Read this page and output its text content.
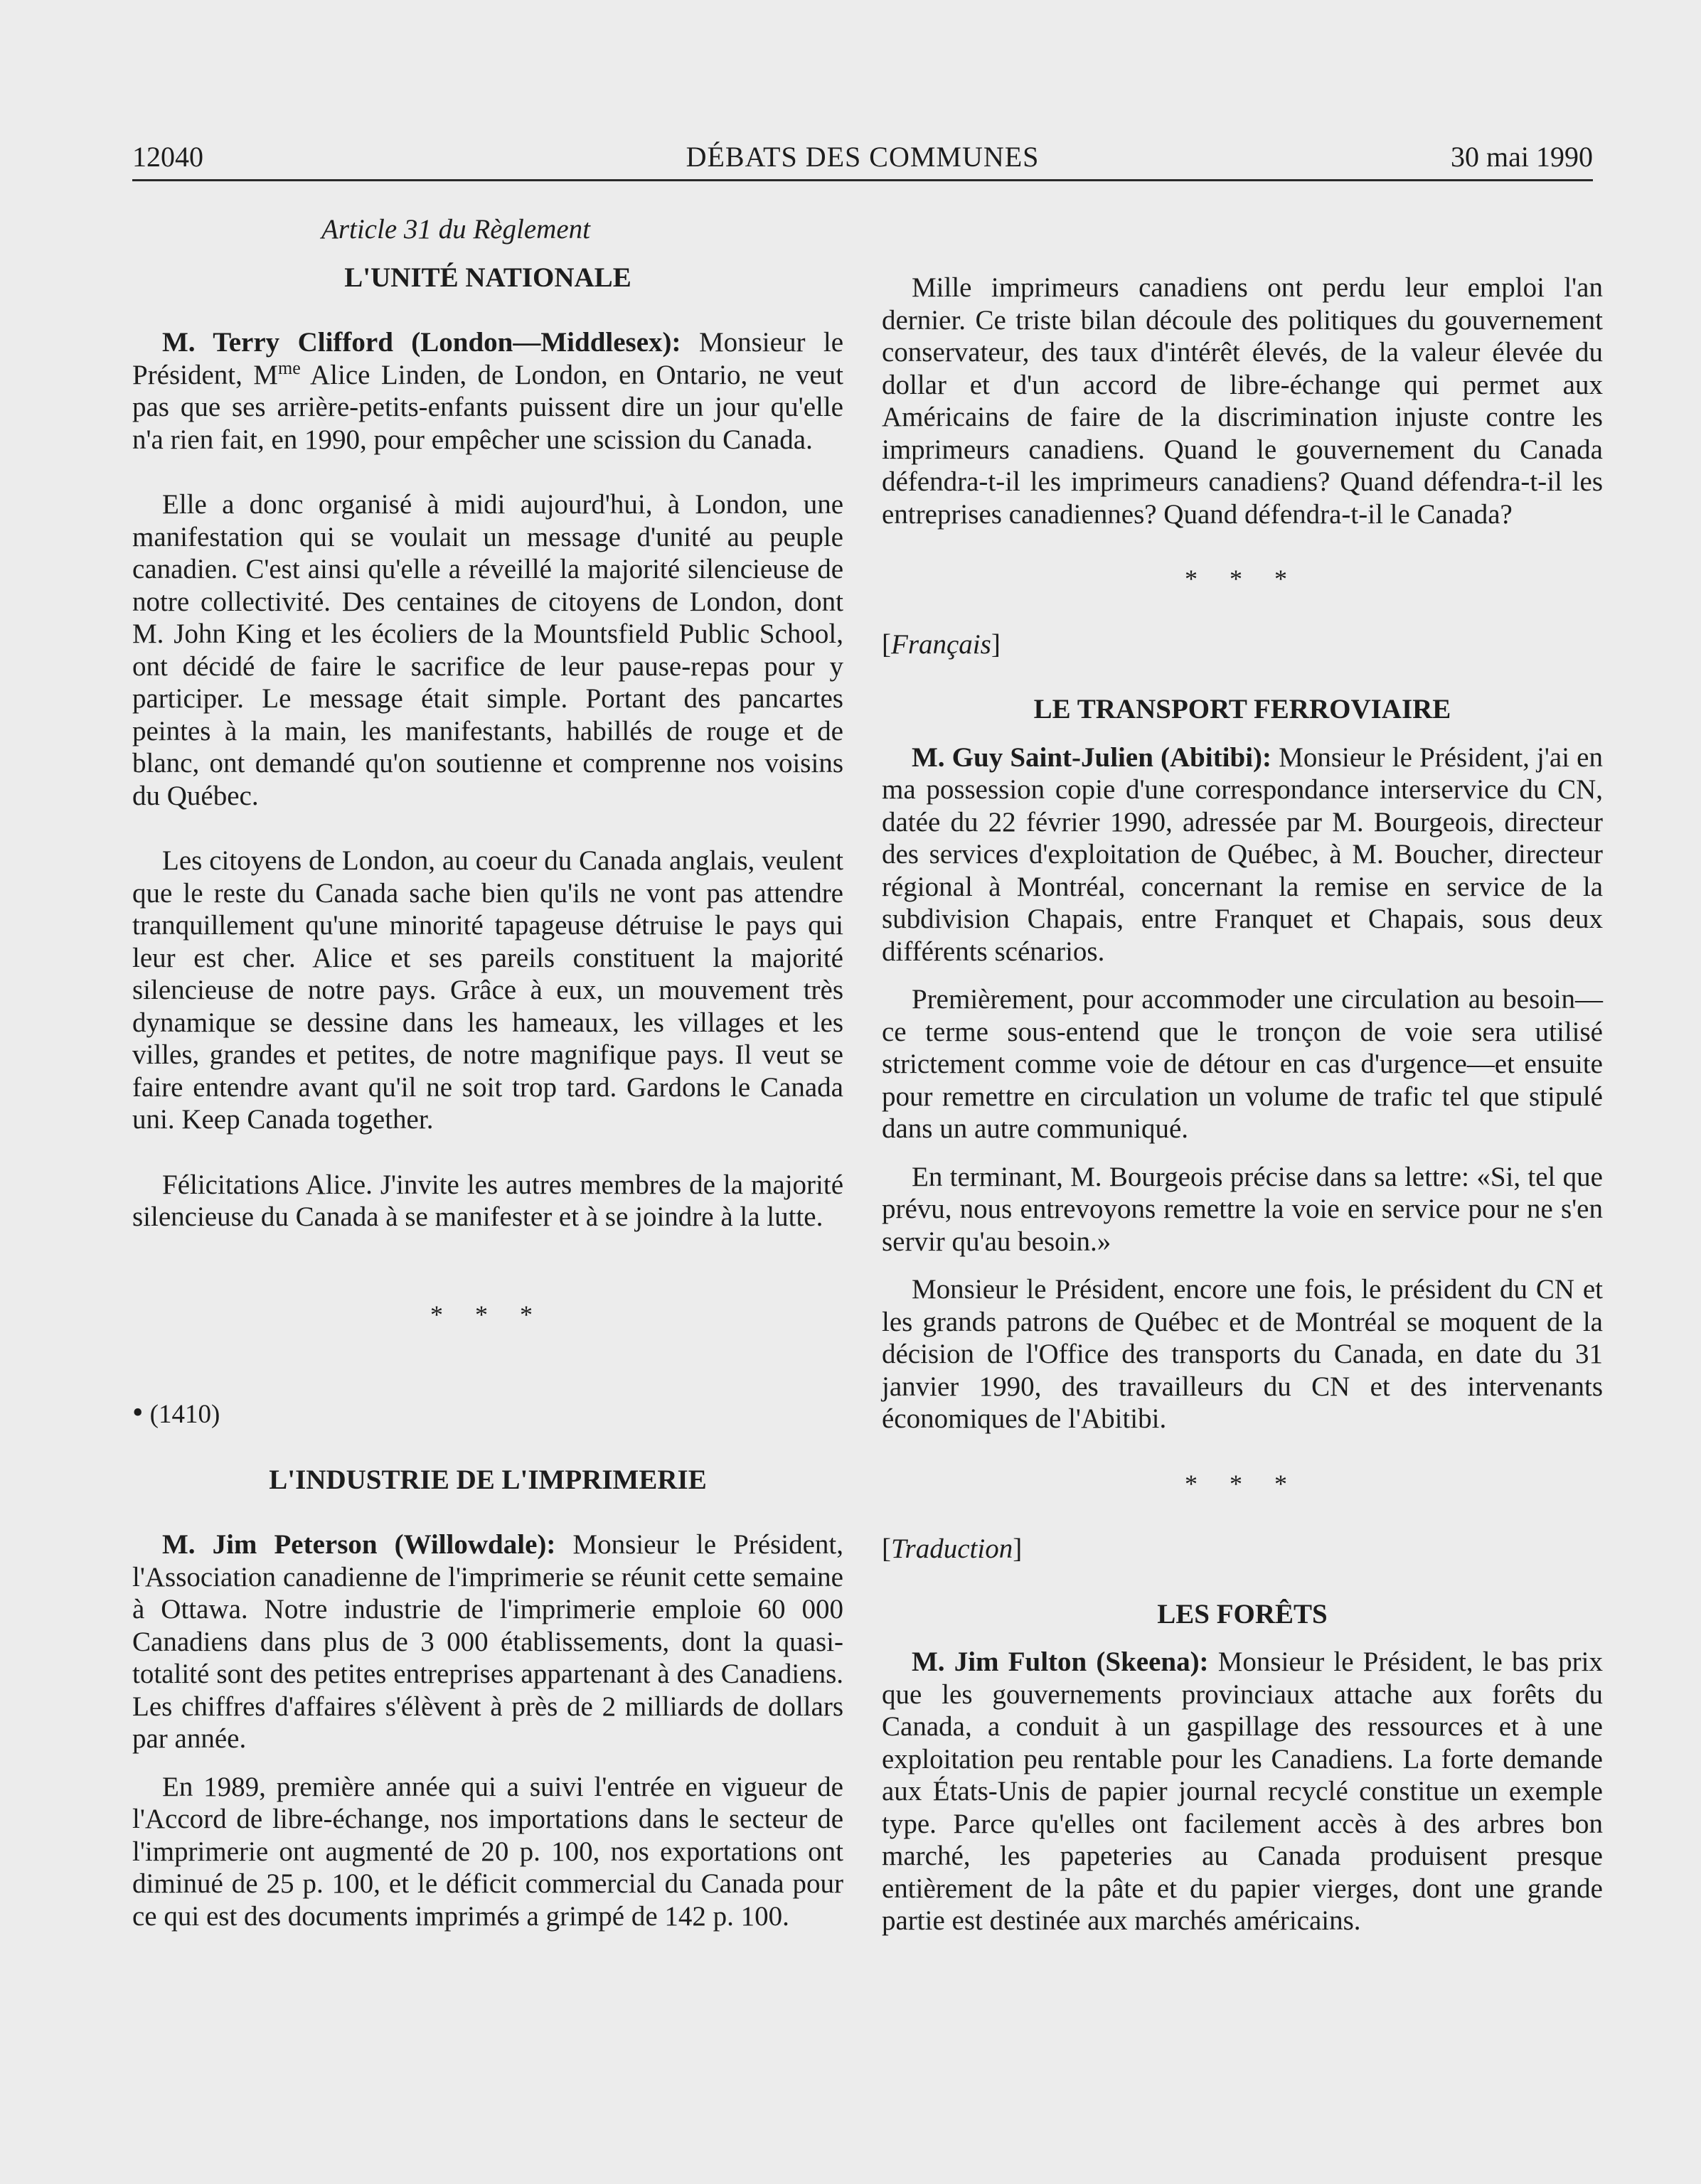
12040	DÉBATS DES COMMUNES	30 mai 1990
Article 31 du Règlement
L'UNITÉ NATIONALE

M. Terry Clifford (London—Middlesex): Monsieur le Président, $M^{me}$ Alice Linden, de London, en Ontario, ne veut pas que ses arrière-petits-enfants puissent dire un jour qu'elle n'a rien fait, en 1990, pour empêcher une scission du Canada.

Elle a donc organisé à midi aujourd'hui, à London, une manifestation qui se voulait un message d'unité au peuple canadien. C'est ainsi qu'elle a réveillé la majorité silencieuse de notre collectivité. Des centaines de citoyens de London, dont M. John King et les écoliers de la Mountsfield Public School, ont décidé de faire le sacrifice de leur pause-repas pour y participer. Le message était simple. Portant des pancartes peintes à la main, les manifestants, habillés de rouge et de blanc, ont demandé qu'on soutienne et comprenne nos voisins du Québec.

Les citoyens de London, au coeur du Canada anglais, veulent que le reste du Canada sache bien qu'ils ne vont pas attendre tranquillement qu'une minorité tapageuse détruise le pays qui leur est cher. Alice et ses pareils constituent la majorité silencieuse de notre pays. Grâce à eux, un mouvement très dynamique se dessine dans les hameaux, les villages et les villes, grandes et petites, de notre magnifique pays. Il veut se faire entendre avant qu'il ne soit trop tard. Gardons le Canada uni. Keep Canada together.

Félicitations Alice. J'invite les autres membres de la majorité silencieuse du Canada à se manifester et à se joindre à la lutte.

* * *
• (1410)
L'INDUSTRIE DE L'IMPRIMERIE

M. Jim Peterson (Willowdale): Monsieur le Président, l'Association canadienne de l'imprimerie se réunit cette semaine à Ottawa. Notre industrie de l'imprimerie emploie 60 000 Canadiens dans plus de 3 000 établissements, dont la quasi-totalité sont des petites entreprises appartenant à des Canadiens. Les chiffres d'affaires s'élèvent à près de 2 milliards de dollars par année.

En 1989, première année qui a suivi l'entrée en vigueur de l'Accord de libre-échange, nos importations dans le secteur de l'imprimerie ont augmenté de 20 p. 100, nos exportations ont diminué de 25 p. 100, et le déficit commercial du Canada pour ce qui est des documents imprimés a grimpé de 142 p. 100.

Mille imprimeurs canadiens ont perdu leur emploi l'an dernier. Ce triste bilan découle des politiques du gouvernement conservateur, des taux d'intérêt élevés, de la valeur élevée du dollar et d'un accord de libre-échange qui permet aux Américains de faire de la discrimination injuste contre les imprimeurs canadiens. Quand le gouvernement du Canada défendra-t-il les imprimeurs canadiens? Quand défendra-t-il les entreprises canadiennes? Quand défendra-t-il le Canada?

* * *
[Français]
LE TRANSPORT FERROVIAIRE

M. Guy Saint-Julien (Abitibi): Monsieur le Président, j'ai en ma possession copie d'une correspondance interservice du CN, datée du 22 février 1990, adressée par M. Bourgeois, directeur des services d'exploitation de Québec, à M. Boucher, directeur régional à Montréal, concernant la remise en service de la subdivision Chapais, entre Franquet et Chapais, sous deux différents scénarios.

Premièrement, pour accommoder une circulation au besoin—ce terme sous-entend que le tronçon de voie sera utilisé strictement comme voie de détour en cas d'urgence—et ensuite pour remettre en circulation un volume de trafic tel que stipulé dans un autre communiqué.

En terminant, M. Bourgeois précise dans sa lettre: «Si, tel que prévu, nous entrevoyons remettre la voie en service pour ne s'en servir qu'au besoin.»

Monsieur le Président, encore une fois, le président du CN et les grands patrons de Québec et de Montréal se moquent de la décision de l'Office des transports du Canada, en date du 31 janvier 1990, des travailleurs du CN et des intervenants économiques de l'Abitibi.

* * *
[Traduction]
LES FORÊTS

M. Jim Fulton (Skeena): Monsieur le Président, le bas prix que les gouvernements provinciaux attache aux forêts du Canada, a conduit à un gaspillage des ressources et à une exploitation peu rentable pour les Canadiens. La forte demande aux États-Unis de papier journal recyclé constitue un exemple type. Parce qu'elles ont facilement accès à des arbres bon marché, les papeteries au Canada produisent presque entièrement de la pâte et du papier vierges, dont une grande partie est destinée aux marchés américains.
